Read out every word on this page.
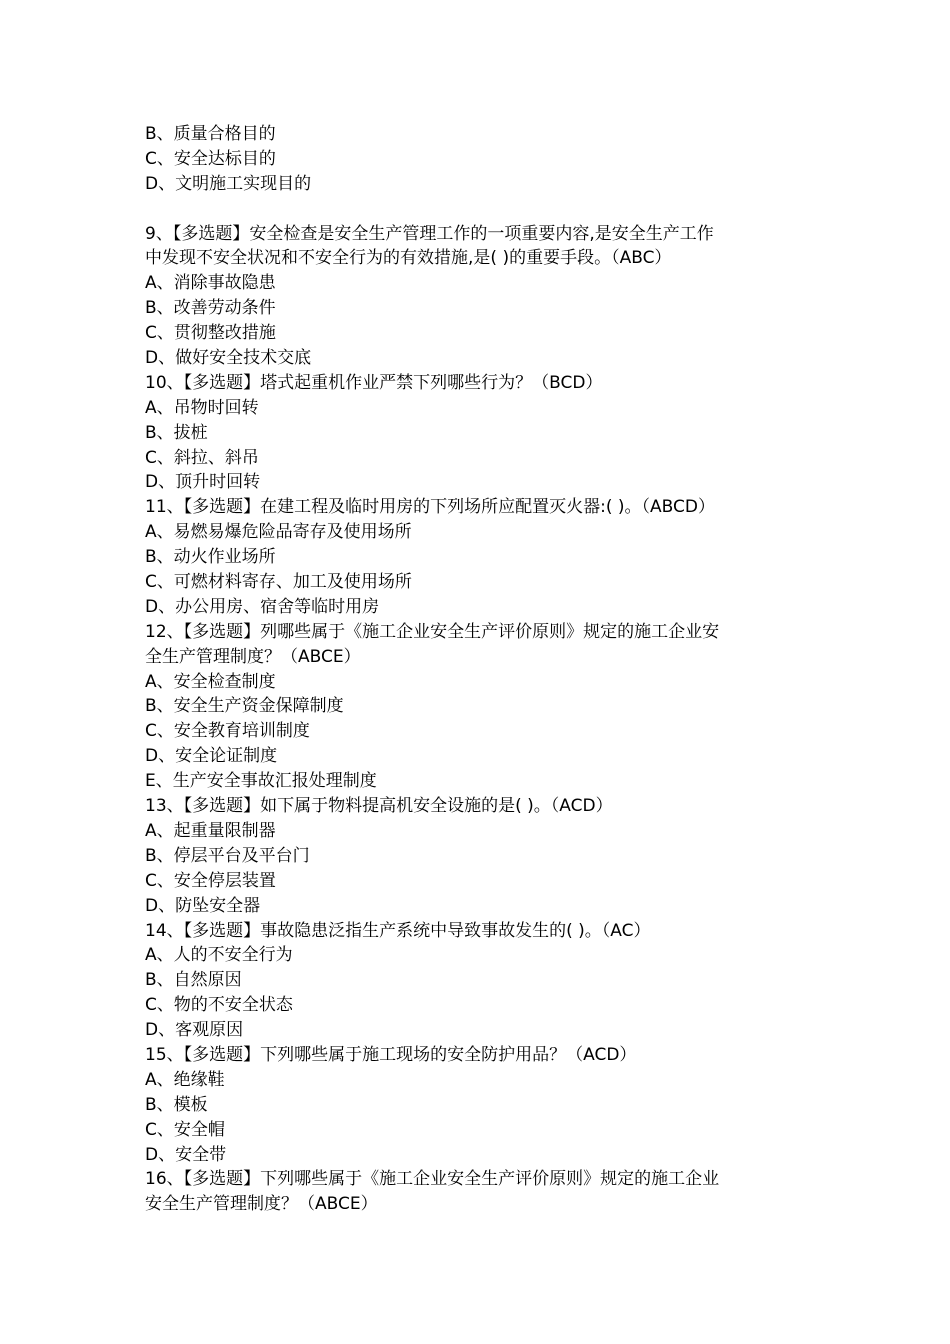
B、质量合格目的
C、安全达标目的
D、文明施工实现目的
9、【多选题】安全检查是安全生产管理工作的一项重要内容,是安全生产工作
中发现不安全状况和不安全行为的有效措施,是( )的重要手段。（ABC）
A、消除事故隐患
B、改善劳动条件
C、贯彻整改措施
D、做好安全技术交底
10、【多选题】塔式起重机作业严禁下列哪些行为？（BCD）
A、吊物时回转
B、拔桩
C、斜拉、斜吊
D、顶升时回转
11、【多选题】在建工程及临时用房的下列场所应配置灭火器:( )。（ABCD）
A、易燃易爆危险品寄存及使用场所
B、动火作业场所
C、可燃材料寄存、加工及使用场所
D、办公用房、宿舍等临时用房
12、【多选题】列哪些属于《施工企业安全生产评价原则》规定的施工企业安
全生产管理制度？（ABCE）
A、安全检查制度
B、安全生产资金保障制度
C、安全教育培训制度
D、安全论证制度
E、生产安全事故汇报处理制度
13、【多选题】如下属于物料提高机安全设施的是( )。（ACD）
A、起重量限制器
B、停层平台及平台门
C、安全停层装置
D、防坠安全器
14、【多选题】事故隐患泛指生产系统中导致事故发生的( )。（AC）
A、人的不安全行为
B、自然原因
C、物的不安全状态
D、客观原因
15、【多选题】下列哪些属于施工现场的安全防护用品？（ACD）
A、绝缘鞋
B、模板
C、安全帽
D、安全带
16、【多选题】下列哪些属于《施工企业安全生产评价原则》规定的施工企业
安全生产管理制度？（ABCE）
